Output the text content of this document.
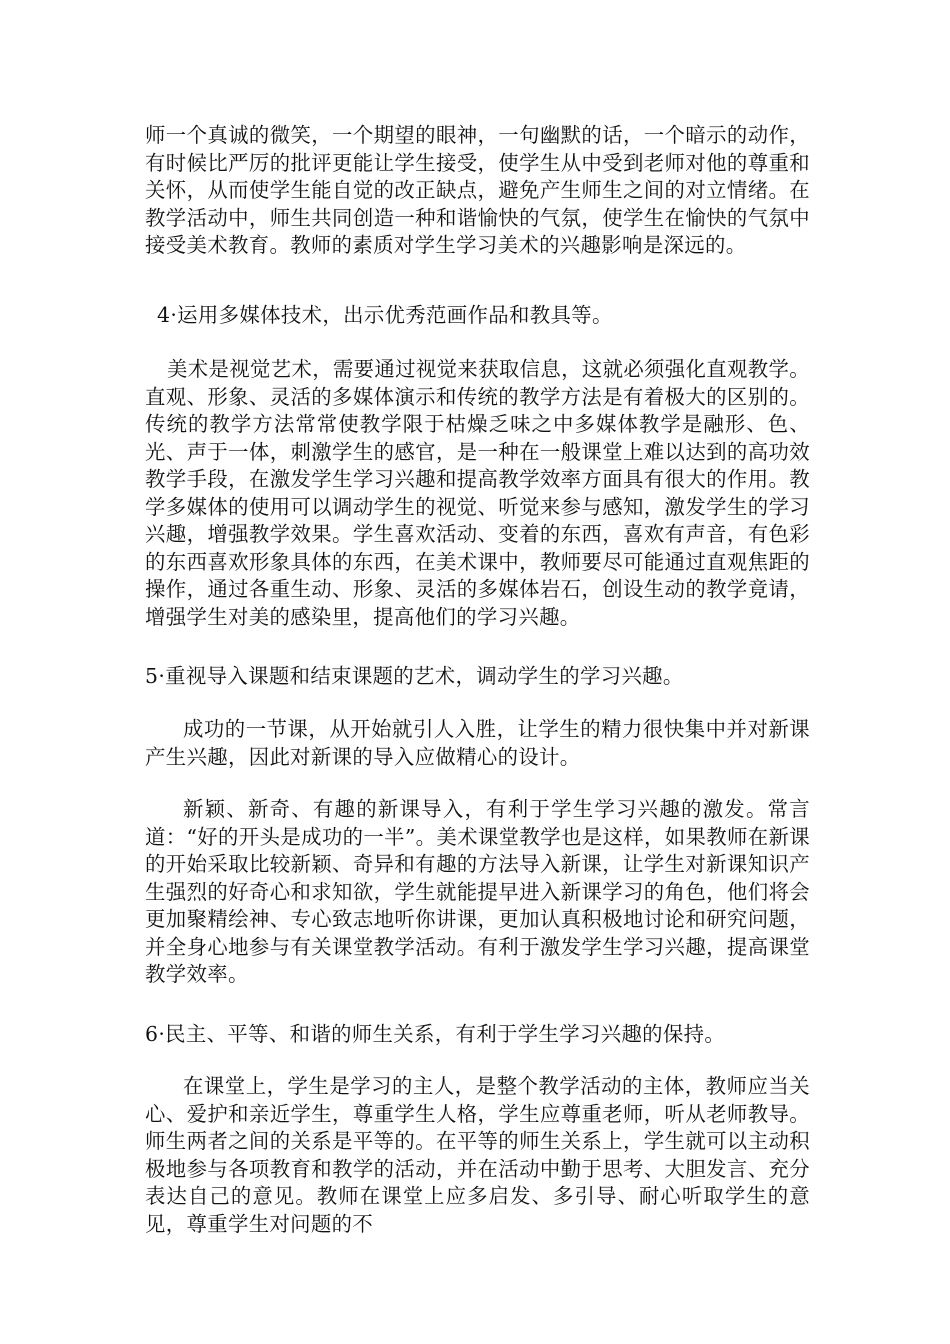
师一个真诚的微笑，一个期望的眼神，一句幽默的话，一个暗示的动作，有时候比严厉的批评更能让学生接受，使学生从中受到老师对他的尊重和关怀，从而使学生能自觉的改正缺点，避免产生师生之间的对立情绪。在教学活动中，师生共同创造一种和谐愉快的气氛，使学生在愉快的气氛中接受美术教育。教师的素质对学生学习美术的兴趣影响是深远的。

4·运用多媒体技术，出示优秀范画作品和教具等。

美术是视觉艺术，需要通过视觉来获取信息，这就必须强化直观教学。直观、形象、灵活的多媒体演示和传统的教学方法是有着极大的区别的。传统的教学方法常常使教学限于枯燥乏味之中多媒体教学是融形、色、光、声于一体，刺激学生的感官，是一种在一般课堂上难以达到的高功效教学手段，在激发学生学习兴趣和提高教学效率方面具有很大的作用。教学多媒体的使用可以调动学生的视觉、听觉来参与感知，激发学生的学习兴趣，增强教学效果。学生喜欢活动、变着的东西，喜欢有声音，有色彩的东西喜欢形象具体的东西，在美术课中，教师要尽可能通过直观焦距的操作，通过各重生动、形象、灵活的多媒体岩石，创设生动的教学竟请，增强学生对美的感染里，提高他们的学习兴趣。

5·重视导入课题和结束课题的艺术，调动学生的学习兴趣。

成功的一节课，从开始就引人入胜，让学生的精力很快集中并对新课产生兴趣，因此对新课的导入应做精心的设计。

新颖、新奇、有趣的新课导入，有利于学生学习兴趣的激发。常言道：“好的开头是成功的一半”。美术课堂教学也是这样，如果教师在新课的开始采取比较新颖、奇异和有趣的方法导入新课，让学生对新课知识产生强烈的好奇心和求知欲，学生就能提早进入新课学习的角色，他们将会更加聚精绘神、专心致志地听你讲课，更加认真积极地讨论和研究问题，并全身心地参与有关课堂教学活动。有利于激发学生学习兴趣，提高课堂教学效率。

6·民主、平等、和谐的师生关系，有利于学生学习兴趣的保持。

在课堂上，学生是学习的主人，是整个教学活动的主体，教师应当关心、爱护和亲近学生，尊重学生人格，学生应尊重老师，听从老师教导。师生两者之间的关系是平等的。在平等的师生关系上，学生就可以主动积极地参与各项教育和教学的活动，并在活动中勤于思考、大胆发言、充分表达自己的意见。教师在课堂上应多启发、多引导、耐心听取学生的意见，尊重学生对问题的不
